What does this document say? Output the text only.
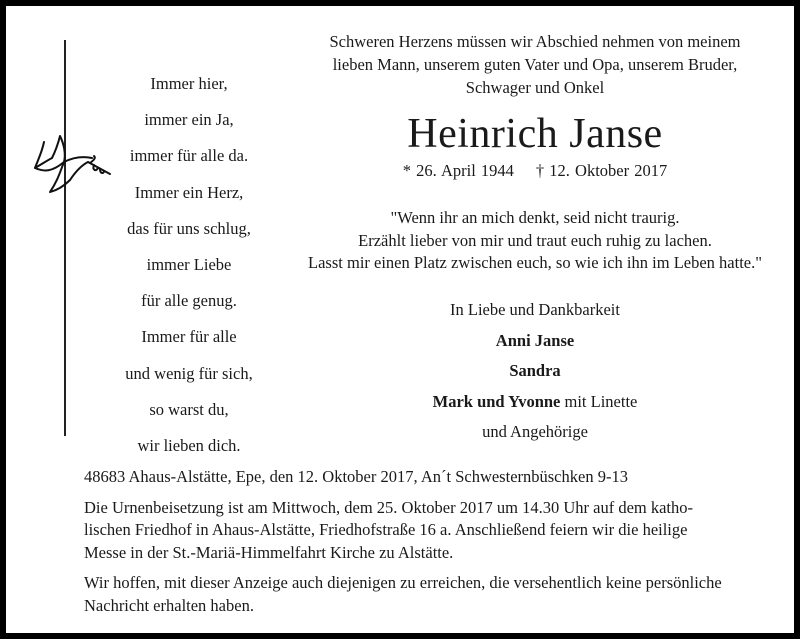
Immer hier,
immer ein Ja,
immer für alle da.
Immer ein Herz,
das für uns schlug,
immer Liebe
für alle genug.
Immer für alle
und wenig für sich,
so warst du,
wir lieben dich.
Schweren Herzens müssen wir Abschied nehmen von meinem
lieben Mann, unserem guten Vater und Opa, unserem Bruder,
Schwager und Onkel
Heinrich Janse
* 26. April 1944 † 12. Oktober 2017
"Wenn ihr an mich denkt, seid nicht traurig.
Erzählt lieber von mir und traut euch ruhig zu lachen.
Lasst mir einen Platz zwischen euch, so wie ich ihn im Leben hatte."
In Liebe und Dankbarkeit
Anni Janse
Sandra
Mark und Yvonne mit Linette
und Angehörige

48683 Ahaus-Alstätte, Epe, den 12. Oktober 2017, An´t Schwesternbüschken 9-13

Die Urnenbeisetzung ist am Mittwoch, dem 25. Oktober 2017 um 14.30 Uhr auf dem katho-
lischen Friedhof in Ahaus-Alstätte, Friedhofstraße 16 a. Anschließend feiern wir die heilige
Messe in der St.-Mariä-Himmelfahrt Kirche zu Alstätte.

Wir hoffen, mit dieser Anzeige auch diejenigen zu erreichen, die versehentlich keine persönliche
Nachricht erhalten haben.
